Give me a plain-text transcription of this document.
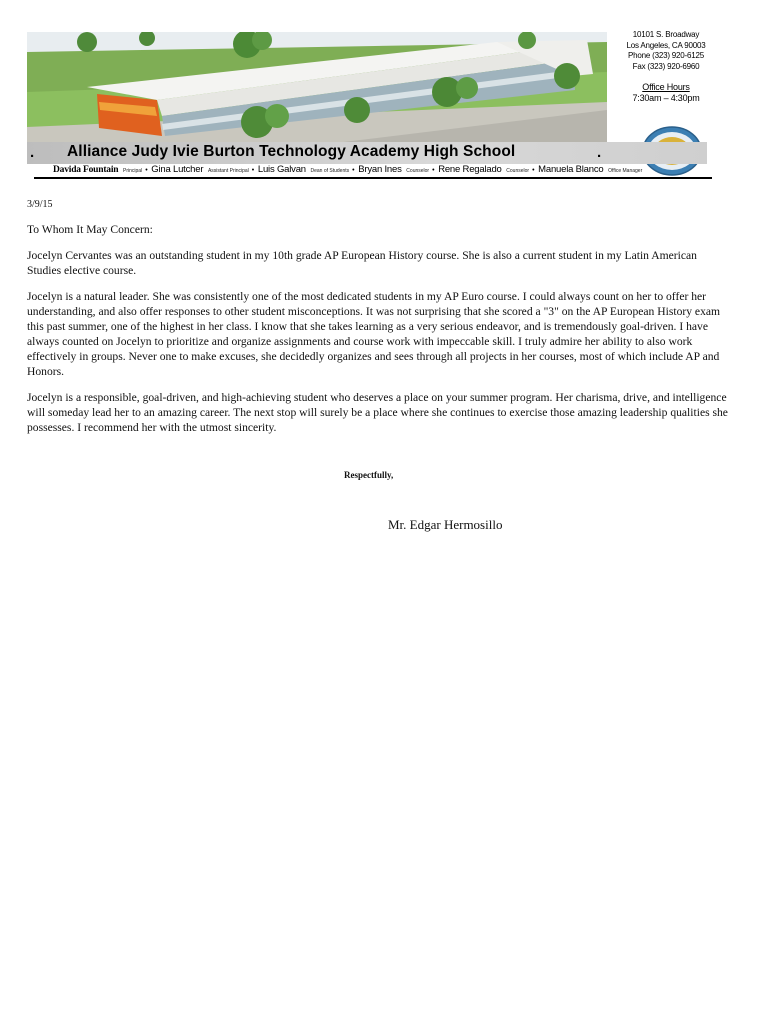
10101 S. Broadway
Los Angeles, CA 90003
Phone (323) 920-6125
Fax (323) 920-6960
Office Hours
7:30am – 4:30pm
. Alliance Judy Ivie Burton Technology Academy High School	.
Davida Fountain Principal • Gina Lutcher Assistant Principal • Luis Galvan Dean of Students • Bryan Ines Counselor • Rene Regalado Counselor • Manuela Blanco Office Manager
3/9/15

To Whom It May Concern:

Jocelyn Cervantes was an outstanding student in my 10th grade AP European History course. She is also a current student in my Latin American Studies elective course.

Jocelyn is a natural leader. She was consistently one of the most dedicated students in my AP Euro course. I could always count on her to offer her understanding, and also offer responses to other student misconceptions. It was not surprising that she scored a "3" on the AP European History exam this past summer, one of the highest in her class. I know that she takes learning as a very serious endeavor, and is tremendously goal-driven. I have always counted on Jocelyn to prioritize and organize assignments and course work with impeccable skill. I truly admire her ability to also work effectively in groups. Never one to make excuses, she decidedly organizes and sees through all projects in her courses, most of which include AP and Honors.

Jocelyn is a responsible, goal-driven, and high-achieving student who deserves a place on your summer program. Her charisma, drive, and intelligence will someday lead her to an amazing career. The next stop will surely be a place where she continues to exercise those amazing leadership qualities she possesses. I recommend her with the utmost sincerity.

Respectfully,
Mr. Edgar Hermosillo
